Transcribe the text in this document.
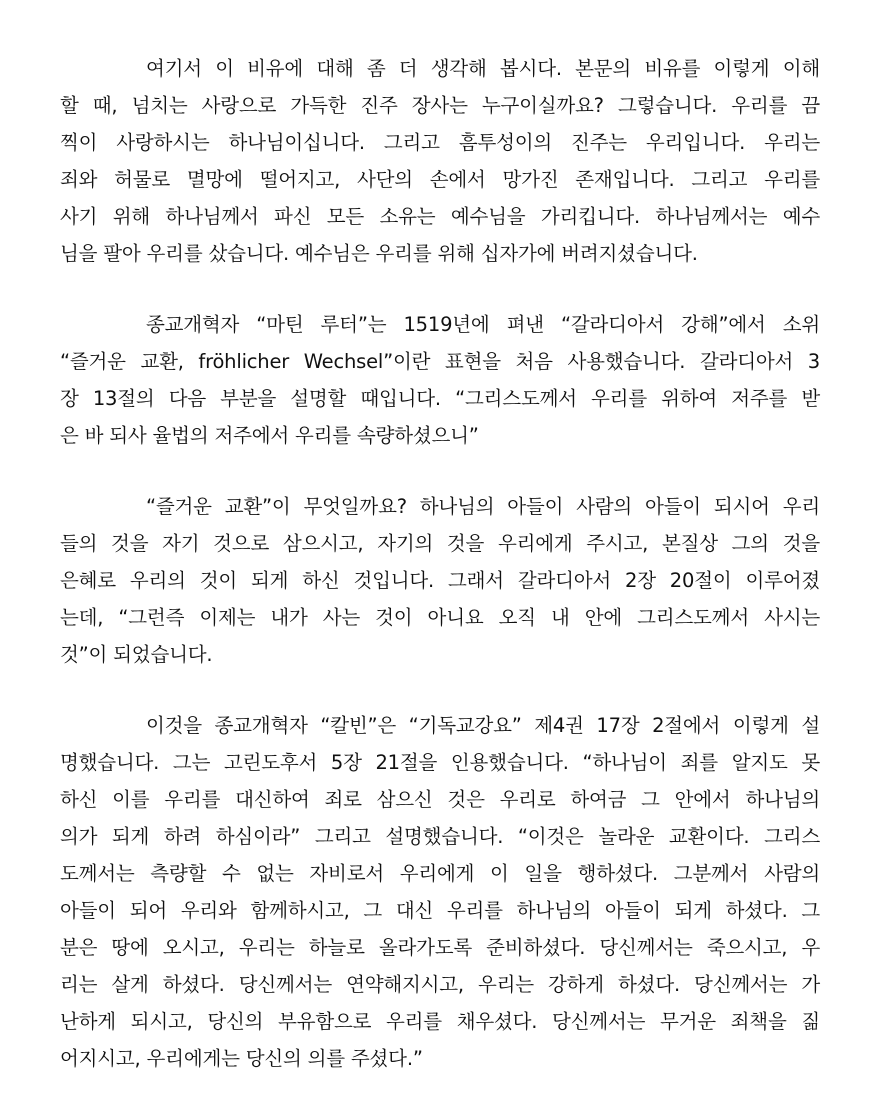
여기서 이 비유에 대해 좀 더 생각해 봅시다. 본문의 비유를 이렇게 이해
할 때, 넘치는 사랑으로 가득한 진주 장사는 누구이실까요? 그렇습니다. 우리를 끔
찍이 사랑하시는 하나님이십니다. 그리고 흠투성이의 진주는 우리입니다. 우리는
죄와 허물로 멸망에 떨어지고, 사단의 손에서 망가진 존재입니다. 그리고 우리를
사기 위해 하나님께서 파신 모든 소유는 예수님을 가리킵니다. 하나님께서는 예수
님을 팔아 우리를 샀습니다. 예수님은 우리를 위해 십자가에 버려지셨습니다.

종교개혁자 “마틴 루터”는 1519년에 펴낸 “갈라디아서 강해”에서 소위
“즐거운 교환, fröhlicher Wechsel”이란 표현을 처음 사용했습니다. 갈라디아서 3
장 13절의 다음 부분을 설명할 때입니다. “그리스도께서 우리를 위하여 저주를 받
은 바 되사 율법의 저주에서 우리를 속량하셨으니”

“즐거운 교환”이 무엇일까요? 하나님의 아들이 사람의 아들이 되시어 우리
들의 것을 자기 것으로 삼으시고, 자기의 것을 우리에게 주시고, 본질상 그의 것을
은혜로 우리의 것이 되게 하신 것입니다. 그래서 갈라디아서 2장 20절이 이루어졌
는데, “그런즉 이제는 내가 사는 것이 아니요 오직 내 안에 그리스도께서 사시는
것”이 되었습니다.

이것을 종교개혁자 “칼빈”은 “기독교강요” 제4권 17장 2절에서 이렇게 설
명했습니다. 그는 고린도후서 5장 21절을 인용했습니다. “하나님이 죄를 알지도 못
하신 이를 우리를 대신하여 죄로 삼으신 것은 우리로 하여금 그 안에서 하나님의
의가 되게 하려 하심이라” 그리고 설명했습니다. “이것은 놀라운 교환이다. 그리스
도께서는 측량할 수 없는 자비로서 우리에게 이 일을 행하셨다. 그분께서 사람의
아들이 되어 우리와 함께하시고, 그 대신 우리를 하나님의 아들이 되게 하셨다. 그
분은 땅에 오시고, 우리는 하늘로 올라가도록 준비하셨다. 당신께서는 죽으시고, 우
리는 살게 하셨다. 당신께서는 연약해지시고, 우리는 강하게 하셨다. 당신께서는 가
난하게 되시고, 당신의 부유함으로 우리를 채우셨다. 당신께서는 무거운 죄책을 짊
어지시고, 우리에게는 당신의 의를 주셨다.”
